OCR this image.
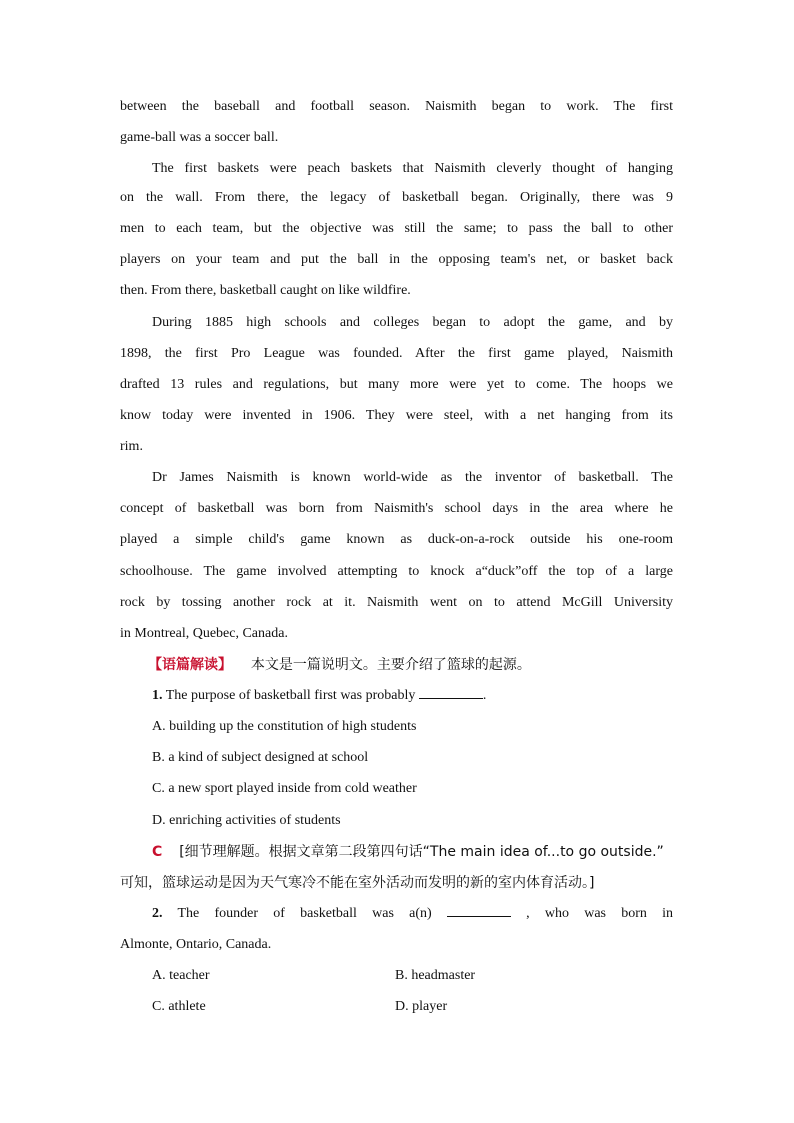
between the baseball and football season. Naismith began to work. The first
game-ball was a soccer ball.
The first baskets were peach baskets that Naismith cleverly thought of hanging
on the wall. From there, the legacy of basketball began. Originally, there was 9
men to each team, but the objective was still the same; to pass the ball to other
players on your team and put the ball in the opposing team's net, or basket back
then. From there, basketball caught on like wildfire.
During 1885 high schools and colleges began to adopt the game, and by
1898, the first Pro League was founded. After the first game played, Naismith
drafted 13 rules and regulations, but many more were yet to come. The hoops we
know today were invented in 1906. They were steel, with a net hanging from its
rim.
Dr James Naismith is known world-wide as the inventor of basketball. The
concept of basketball was born from Naismith's school days in the area where he
played a simple child's game known as duck-on-a-rock outside his one-room
schoolhouse. The game involved attempting to knock a“duck”off the top of a large
rock by tossing another rock at it. Naismith went on to attend McGill University
in Montreal, Quebec, Canada.
【语篇解读】 本文是一篇说明文。主要介绍了篮球的起源。
1. The purpose of basketball first was probably	.
A. building up the constitution of high students
B. a kind of subject designed at school
C. a new sport played inside from cold weather
D. enriching activities of students
C [细节理解题。根据文章第二段第四句话“The main idea of...to go outside.”
可知，篮球运动是因为天气寒冷不能在室外活动而发明的新的室内体育活动。]
2. The founder of basketball was a(n)	, who was born in
Almonte, Ontario, Canada.
A. teacher	B. headmaster
C. athlete	D. player
